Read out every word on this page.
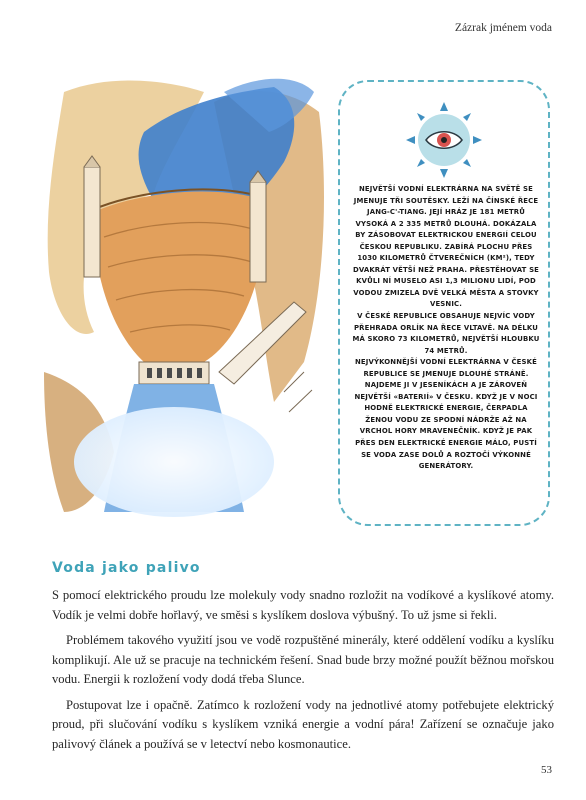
Zázrak jménem voda

NEJVĚTŠÍ VODNÍ ELEKTRÁRNA NA SVĚTĚ SE JMENUJE TŘI SOUTĚSKY. LEŽÍ NA ČÍNSKÉ ŘECE JANG-C'-TIANG. JEJÍ HRÁZ JE 181 METRŮ VYSOKÁ A 2 335 METRŮ DLOUHÁ. DOKÁZALA BY ZÁSOBOVAT ELEKTRICKOU ENERGIÍ CELOU ČESKOU REPUBLIKU. ZABÍRÁ PLOCHU PŘES 1030 KILOMETRŮ ČTVEREČNÍCH (KM²), TEDY DVAKRÁT VĚTŠÍ NEŽ PRAHA. PŘESTĚHOVAT SE KVŮLI NÍ MUSELO ASI 1,3 MILIONU LIDÍ, POD VODOU ZMIZELA DVĚ VELKÁ MĚSTA A STOVKY VESNIC.

V ČESKÉ REPUBLICE OBSAHUJE NEJVÍC VODY PŘEHRADA ORLÍK NA ŘECE VLTAVĚ. NA DÉLKU MÁ SKORO 73 KILOMETRŮ, NEJVĚTŠÍ HLOUBKU 74 METRŮ.

NEJVÝKONNĚJŠÍ VODNÍ ELEKTRÁRNA V ČESKÉ REPUBLICE SE JMENUJE DLOUHÉ STRÁNĚ. NAJDEME JI V JESENÍKÁCH A JE ZÁROVEŇ NEJVĚTŠÍ «BATERIÍ» V ČESKU. KDYŽ JE V NOCI HODNĚ ELEKTRICKÉ ENERGIE, ČERPADLA ŽENOU VODU ZE SPODNÍ NÁDRŽE AŽ NA VRCHOL HORY MRAVENEČNÍK. KDYŽ JE PAK PŘES DEN ELEKTRICKÉ ENERGIE MÁLO, PUSTÍ SE VODA ZASE DOLŮ A ROZTOČÍ VÝKONNÉ GENERÁTORY.

Voda jako palivo

S pomocí elektrického proudu lze molekuly vody snadno rozložit na vodíkové a kyslíkové atomy. Vodík je velmi dobře hořlavý, ve směsi s kyslíkem doslova výbušný. To už jsme si řekli.

Problémem takového využití jsou ve vodě rozpuštěné minerály, které oddělení vodíku a kyslíku komplikují. Ale už se pracuje na technickém řešení. Snad bude brzy možné použít běžnou mořskou vodu. Energii k rozložení vody dodá třeba Slunce.

Postupovat lze i opačně. Zatímco k rozložení vody na jednotlivé atomy potřebujete elektrický proud, při slučování vodíku s kyslíkem vzniká energie a vodní pára! Zařízení se označuje jako palivový článek a používá se v letectví nebo kosmonautice.

53
